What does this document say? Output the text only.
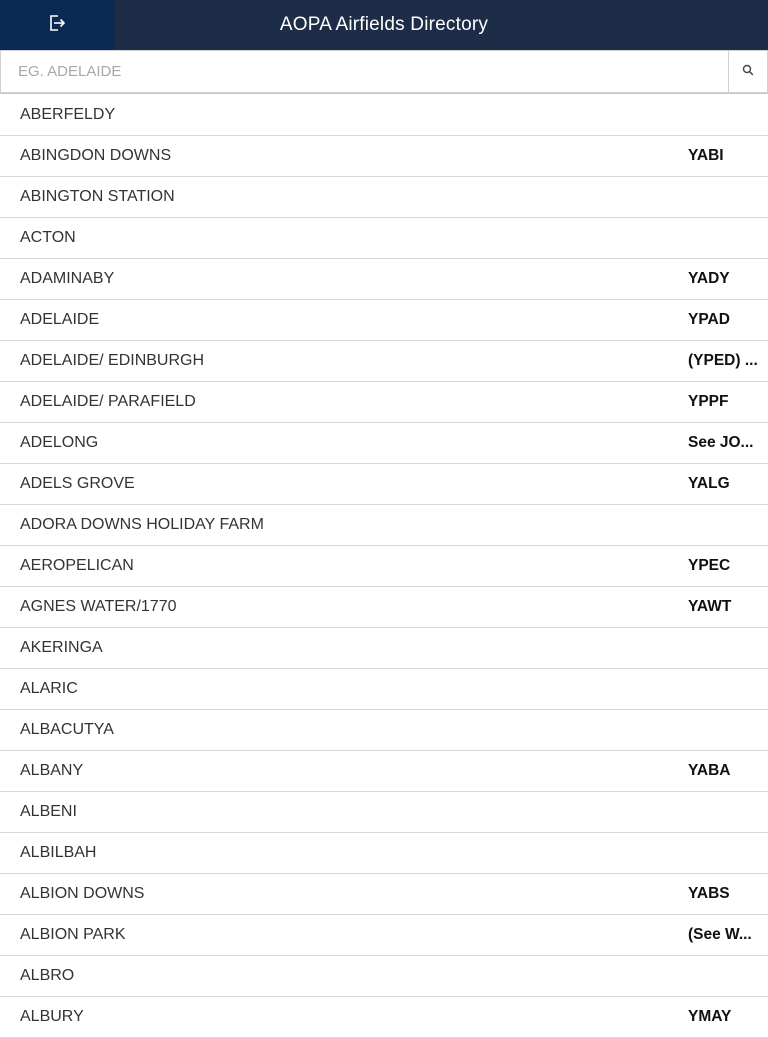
AOPA Airfields Directory
EG. ADELAIDE
ABERFELDY
ABINGDON DOWNS	YABI
ABINGTON STATION
ACTON
ADAMINABY	YADY
ADELAIDE	YPAD
ADELAIDE/ EDINBURGH	(YPED) ...
ADELAIDE/ PARAFIELD	YPPF
ADELONG	See JO...
ADELS GROVE	YALG
ADORA DOWNS HOLIDAY FARM
AEROPELICAN	YPEC
AGNES WATER/1770	YAWT
AKERINGA
ALARIC
ALBACUTYA
ALBANY	YABA
ALBENI
ALBILBAH
ALBION DOWNS	YABS
ALBION PARK	(See W...
ALBRO
ALBURY	YMAY
